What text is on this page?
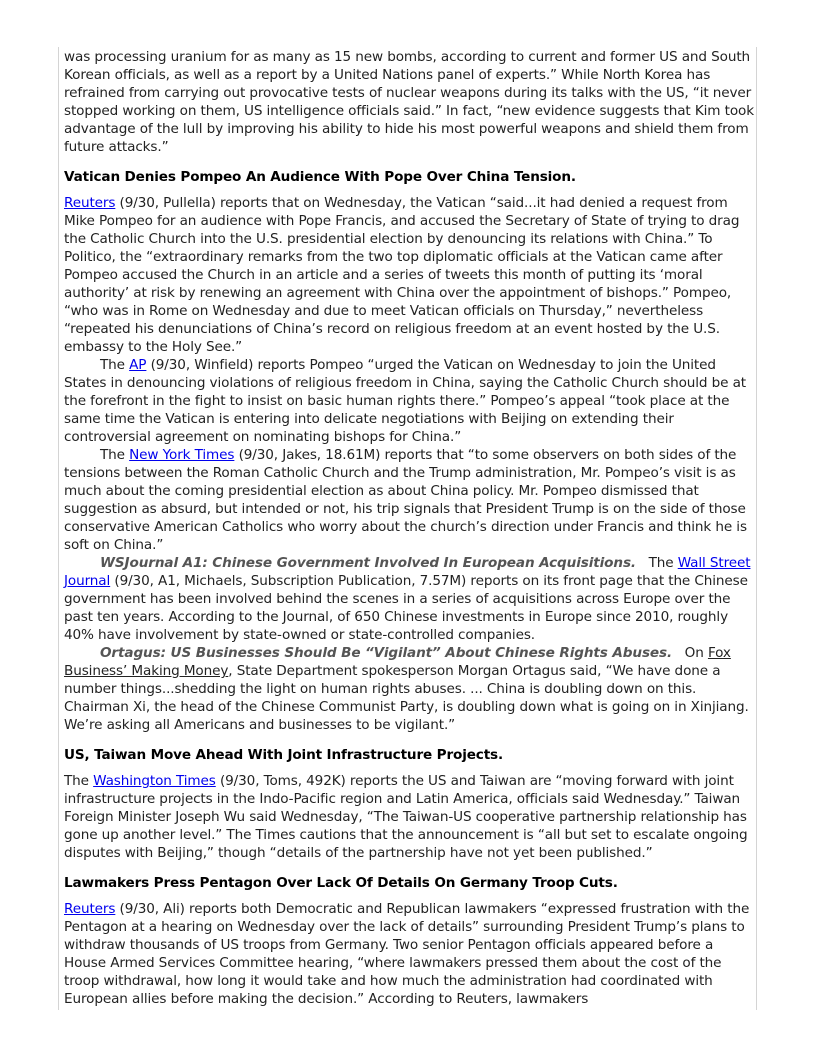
was processing uranium for as many as 15 new bombs, according to current and former US and South Korean officials, as well as a report by a United Nations panel of experts.” While North Korea has refrained from carrying out provocative tests of nuclear weapons during its talks with the US, “it never stopped working on them, US intelligence officials said.” In fact, “new evidence suggests that Kim took advantage of the lull by improving his ability to hide his most powerful weapons and shield them from future attacks.”

Vatican Denies Pompeo An Audience With Pope Over China Tension.

Reuters (9/30, Pullella) reports that on Wednesday, the Vatican “said...it had denied a request from Mike Pompeo for an audience with Pope Francis, and accused the Secretary of State of trying to drag the Catholic Church into the U.S. presidential election by denouncing its relations with China.” To Politico, the “extraordinary remarks from the two top diplomatic officials at the Vatican came after Pompeo accused the Church in an article and a series of tweets this month of putting its ‘moral authority’ at risk by renewing an agreement with China over the appointment of bishops.” Pompeo, “who was in Rome on Wednesday and due to meet Vatican officials on Thursday,” nevertheless “repeated his denunciations of China’s record on religious freedom at an event hosted by the U.S. embassy to the Holy See.”

The AP (9/30, Winfield) reports Pompeo “urged the Vatican on Wednesday to join the United States in denouncing violations of religious freedom in China, saying the Catholic Church should be at the forefront in the fight to insist on basic human rights there.” Pompeo’s appeal “took place at the same time the Vatican is entering into delicate negotiations with Beijing on extending their controversial agreement on nominating bishops for China.”

The New York Times (9/30, Jakes, 18.61M) reports that “to some observers on both sides of the tensions between the Roman Catholic Church and the Trump administration, Mr. Pompeo’s visit is as much about the coming presidential election as about China policy. Mr. Pompeo dismissed that suggestion as absurd, but intended or not, his trip signals that President Trump is on the side of those conservative American Catholics who worry about the church’s direction under Francis and think he is soft on China.”

WSJournal A1: Chinese Government Involved In European Acquisitions.   The Wall Street Journal (9/30, A1, Michaels, Subscription Publication, 7.57M) reports on its front page that the Chinese government has been involved behind the scenes in a series of acquisitions across Europe over the past ten years. According to the Journal, of 650 Chinese investments in Europe since 2010, roughly 40% have involvement by state-owned or state-controlled companies.

Ortagus: US Businesses Should Be “Vigilant” About Chinese Rights Abuses.   On Fox Business’ Making Money, State Department spokesperson Morgan Ortagus said, “We have done a number things...shedding the light on human rights abuses. ... China is doubling down on this. Chairman Xi, the head of the Chinese Communist Party, is doubling down what is going on in Xinjiang. We’re asking all Americans and businesses to be vigilant.”

US, Taiwan Move Ahead With Joint Infrastructure Projects.

The Washington Times (9/30, Toms, 492K) reports the US and Taiwan are “moving forward with joint infrastructure projects in the Indo-Pacific region and Latin America, officials said Wednesday.” Taiwan Foreign Minister Joseph Wu said Wednesday, “The Taiwan-US cooperative partnership relationship has gone up another level.” The Times cautions that the announcement is “all but set to escalate ongoing disputes with Beijing,” though “details of the partnership have not yet been published.”

Lawmakers Press Pentagon Over Lack Of Details On Germany Troop Cuts.

Reuters (9/30, Ali) reports both Democratic and Republican lawmakers “expressed frustration with the Pentagon at a hearing on Wednesday over the lack of details” surrounding President Trump’s plans to withdraw thousands of US troops from Germany. Two senior Pentagon officials appeared before a House Armed Services Committee hearing, “where lawmakers pressed them about the cost of the troop withdrawal, how long it would take and how much the administration had coordinated with European allies before making the decision.” According to Reuters, lawmakers
